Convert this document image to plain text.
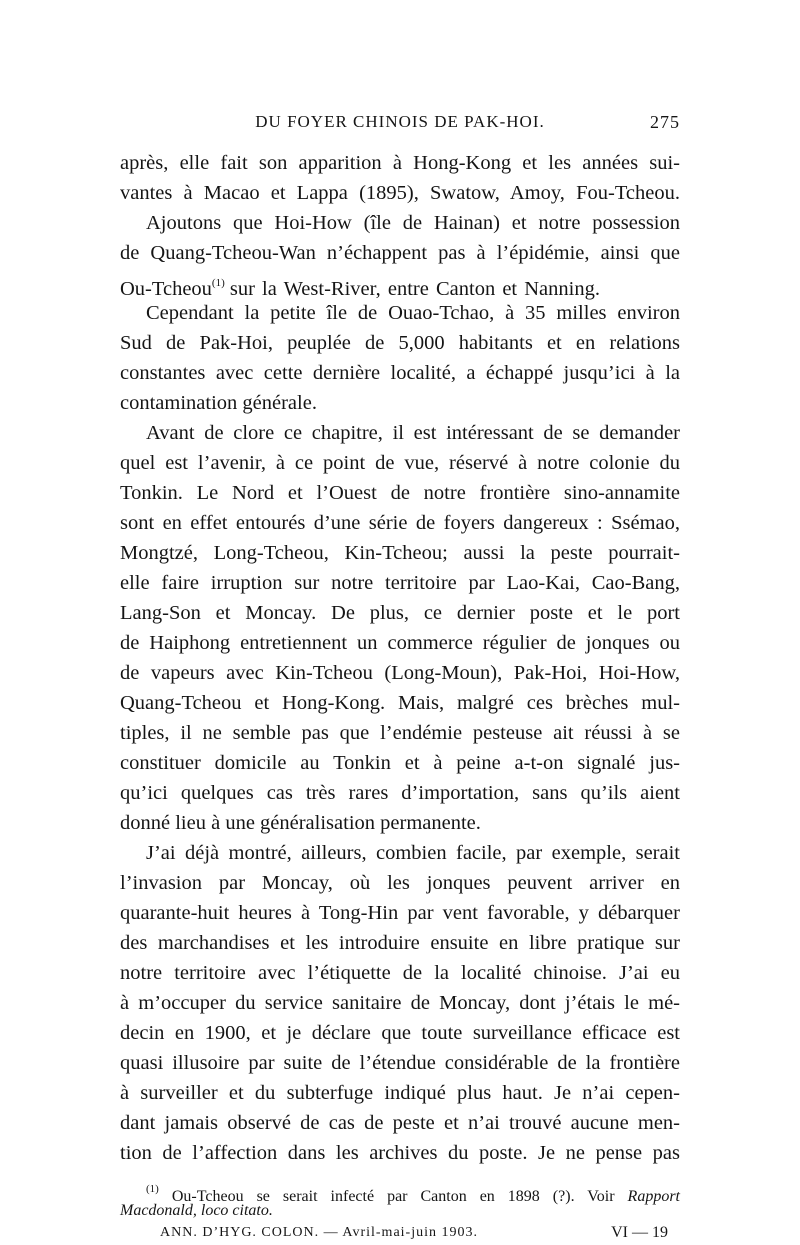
DU FOYER CHINOIS DE PAK-HOI.	275
après, elle fait son apparition à Hong-Kong et les années sui-
vantes à Macao et Lappa (1895), Swatow, Amoy, Fou-Tcheou.
Ajoutons que Hoi-How (île de Hainan) et notre possession
de Quang-Tcheou-Wan n’échappent pas à l’épidémie, ainsi que
Ou-Tcheou$^{(1)}$ sur la West-River, entre Canton et Nanning.
Cependant la petite île de Ouao-Tchao, à 35 milles environ
Sud de Pak-Hoi, peuplée de 5,000 habitants et en relations
constantes avec cette dernière localité, a échappé jusqu’ici à la
contamination générale.
Avant de clore ce chapitre, il est intéressant de se demander
quel est l’avenir, à ce point de vue, réservé à notre colonie du
Tonkin. Le Nord et l’Ouest de notre frontière sino-annamite
sont en effet entourés d’une série de foyers dangereux : Ssémao,
Mongtzé, Long-Tcheou, Kin-Tcheou; aussi la peste pourrait-
elle faire irruption sur notre territoire par Lao-Kai, Cao-Bang,
Lang-Son et Moncay. De plus, ce dernier poste et le port
de Haiphong entretiennent un commerce régulier de jonques ou
de vapeurs avec Kin-Tcheou (Long-Moun), Pak-Hoi, Hoi-How,
Quang-Tcheou et Hong-Kong. Mais, malgré ces brèches mul-
tiples, il ne semble pas que l’endémie pesteuse ait réussi à se
constituer domicile au Tonkin et à peine a-t-on signalé jus-
qu’ici quelques cas très rares d’importation, sans qu’ils aient
donné lieu à une généralisation permanente.
J’ai déjà montré, ailleurs, combien facile, par exemple, serait
l’invasion par Moncay, où les jonques peuvent arriver en
quarante-huit heures à Tong-Hin par vent favorable, y débarquer
des marchandises et les introduire ensuite en libre pratique sur
notre territoire avec l’étiquette de la localité chinoise. J’ai eu
à m’occuper du service sanitaire de Moncay, dont j’étais le mé-
decin en 1900, et je déclare que toute surveillance efficace est
quasi illusoire par suite de l’étendue considérable de la frontière
à surveiller et du subterfuge indiqué plus haut. Je n’ai cepen-
dant jamais observé de cas de peste et n’ai trouvé aucune men-
tion de l’affection dans les archives du poste. Je ne pense pas
$^{(1)}$ Ou-Tcheou se serait infecté par Canton en 1898 (?). Voir Rapport
Macdonald, loco citato.
ANN. D’HYG. COLON. — Avril-mai-juin 1903.	VI — 19
